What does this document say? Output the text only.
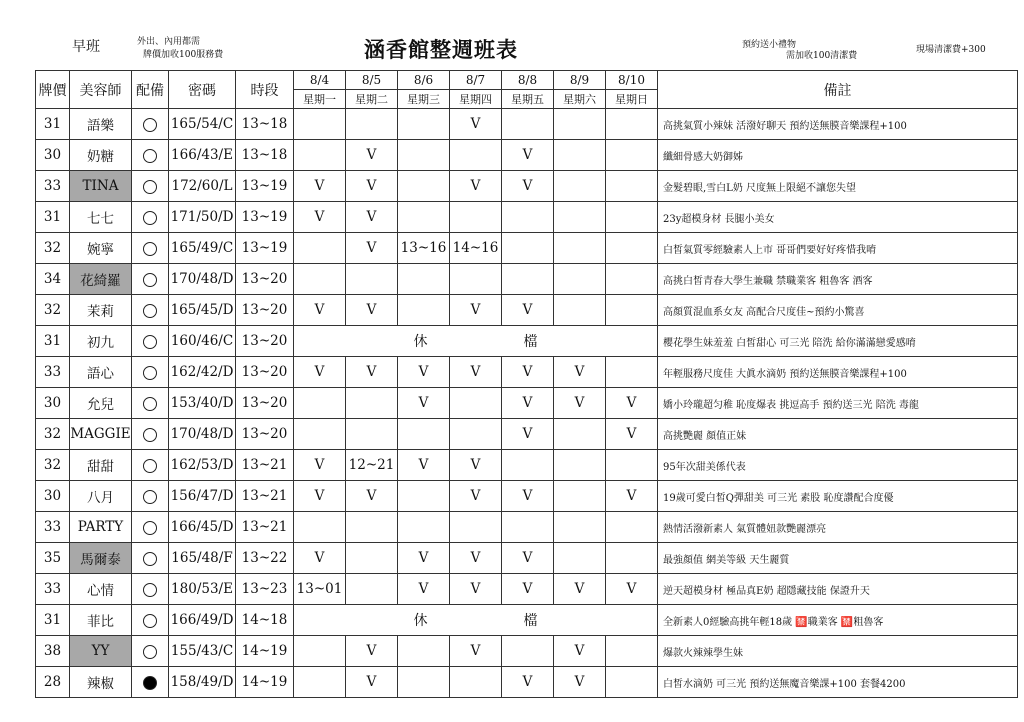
早班	外出、內用都需
牌價加收100服務費	涵香館整週班表	預約送小禮物
需加收100清潔費
現場清潔費+300
牌價	美容師	配備	密碼	時段	8/4	8/5	8/6	8/7	8/8	8/9	8/10	備註
					星期一	星期二	星期三	星期四	星期五	星期六	星期日	
31	語樂		165/54/C	13~18				V				高挑氣質小辣妹 活潑好聊天 預約送無膜音樂課程+100
30	奶糖		166/43/E	13~18		V			V			纖細骨感大奶御姊
33	TINA		172/60/L	13~19	V	V		V	V			金髮碧眼,雪白L奶 尺度無上限絕不讓您失望
31	七七		171/50/D	13~19	V	V						23y超模身材 長腿小美女
32	婉寧		165/49/C	13~19		V	13~16	14~16				白皙氣質零經驗素人上市 哥哥們要好好疼惜我唷
34	花綺羅		170/48/D	13~20								高挑白皙青春大學生兼職 禁職業客 粗魯客 酒客
32	茉莉		165/45/D	13~20	V	V		V	V			高顏質混血系女友 高配合尺度佳~預約小驚喜
31	初九		160/46/C	13~20	休 檔							櫻花學生妹羞羞 白皙甜心 可三光 陪洗 給你滿滿戀愛感唷
33	語心		162/42/D	13~20	V	V	V	V	V	V		年輕服務尺度佳 大眞水滴奶 預約送無膜音樂課程+100
30	允兒		153/40/D	13~20			V		V	V	V	嬌小玲瓏超匀稚 恥度爆表 挑逗高手 預約送三光 陪洗 毒龍
32	MAGGIE		170/48/D	13~20					V		V	高挑艷麗 顏值正妹
32	甜甜		162/53/D	13~21	V	12~21	V	V				95年次甜美係代表
30	八月		156/47/D	13~21	V	V		V	V		V	19歲可愛白皙Q彈甜美 可三光 素股 恥度讚配合度優
33	PARTY		166/45/D	13~21								熱情活潑新素人 氣質體妞款艷麗漂亮
35	馬爾泰		165/48/F	13~22	V		V	V	V			最強顏值 網美等級 天生麗質
33	心情		180/53/E	13~23	13~01		V	V	V	V	V	逆天超模身材 極品真E奶 超隱藏技能 保證升天
31	菲比		166/49/D	14~18	休 檔							全新素人0經驗高挑年輕18歲 🈲職業客 🈲粗魯客
38	YY		155/43/C	14~19		V		V		V		爆款火辣辣學生妹
28	辣椒		158/49/D	14~19		V			V	V		白皙水滴奶 可三光 預約送無魔音樂課+100 套餐4200
